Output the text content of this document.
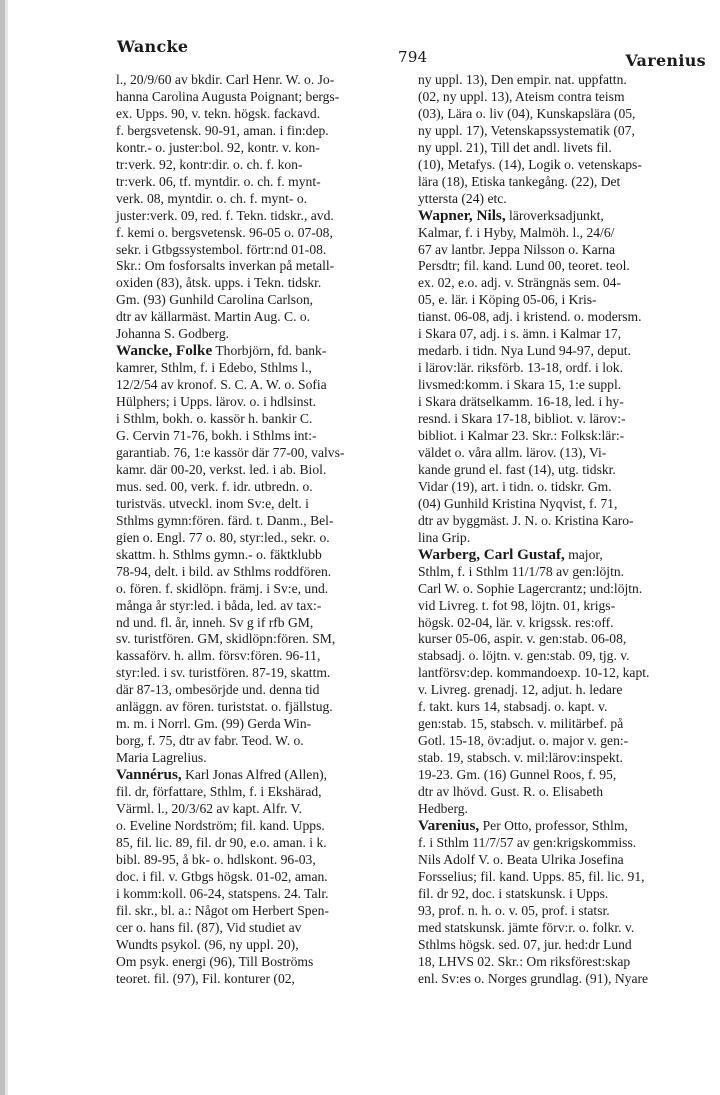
Wancke
794	Varenius
l., 20/9/60 av bkdir. Carl Henr. W. o. Jo-
hanna Carolina Augusta Poignant; bergs-
ex. Upps. 90, v. tekn. högsk. fackavd.
f. bergsvetensk. 90-91, aman. i fin:dep.
kontr.- o. juster:bol. 92, kontr. v. kon-
tr:verk. 92, kontr:dir. o. ch. f. kon-
tr:verk. 06, tf. myntdir. o. ch. f. mynt-
verk. 08, myntdir. o. ch. f. mynt- o.
juster:verk. 09, red. f. Tekn. tidskr., avd.
f. kemi o. bergsvetensk. 96-05 o. 07-08,
sekr. i Gtbgssystembol. förtr:nd 01-08.
Skr.: Om fosforsalts inverkan på metall-
oxiden (83), åtsk. upps. i Tekn. tidskr.
Gm. (93) Gunhild Carolina Carlson,
dtr av källarmäst. Martin Aug. C. o.
Johanna S. Godberg.
Wancke, Folke Thorbjörn, fd. bank-
kamrer, Sthlm, f. i Edebo, Sthlms l.,
12/2/54 av kronof. S. C. A. W. o. Sofia
Hülphers; i Upps. lärov. o. i hdlsinst.
i Sthlm, bokh. o. kassör h. bankir C.
G. Cervin 71-76, bokh. i Sthlms int:-
garantiab. 76, 1:e kassör där 77-00, valvs-
kamr. där 00-20, verkst. led. i ab. Biol.
mus. sed. 00, verk. f. idr. utbredn. o.
turistväs. utveckl. inom Sv:e, delt. i
Sthlms gymn:fören. färd. t. Danm., Bel-
gien o. Engl. 77 o. 80, styr:led., sekr. o.
skattm. h. Sthlms gymn.- o. fäktklubb
78-94, delt. i bild. av Sthlms roddfören.
o. fören. f. skidlöpn. främj. i Sv:e, und.
många år styr:led. i båda, led. av tax:-
nd und. fl. år, inneh. Sv g if rfb GM,
sv. turistfören. GM, skidlöpn:fören. SM,
kassaförv. h. allm. försv:fören. 96-11,
styr:led. i sv. turistfören. 87-19, skattm.
där 87-13, ombesörjde und. denna tid
anläggn. av fören. turiststat. o. fjällstug.
m. m. i Norrl. Gm. (99) Gerda Win-
borg, f. 75, dtr av fabr. Teod. W. o.
Maria Lagrelius.
Vannérus, Karl Jonas Alfred (Allen),
fil. dr, författare, Sthlm, f. i Ekshärad,
Värml. l., 20/3/62 av kapt. Alfr. V.
o. Eveline Nordström; fil. kand. Upps.
85, fil. lic. 89, fil. dr 90, e.o. aman. i k.
bibl. 89-95, å bk- o. hdlskont. 96-03,
doc. i fil. v. Gtbgs högsk. 01-02, aman.
i komm:koll. 06-24, statspens. 24. Talr.
fil. skr., bl. a.: Något om Herbert Spen-
cer o. hans fil. (87), Vid studiet av
Wundts psykol. (96, ny uppl. 20),
Om psyk. energi (96), Till Boströms
teoret. fil. (97), Fil. konturer (02,
ny uppl. 13), Den empir. nat. uppfattn.
(02, ny uppl. 13), Ateism contra teism
(03), Lära o. liv (04), Kunskapslära (05,
ny uppl. 17), Vetenskapssystematik (07,
ny uppl. 21), Till det andl. livets fil.
(10), Metafys. (14), Logik o. vetenskaps-
lära (18), Etiska tankegång. (22), Det
yttersta (24) etc.
Wapner, Nils, läroverksadjunkt,
Kalmar, f. i Hyby, Malmöh. l., 24/6/
67 av lantbr. Jeppa Nilsson o. Karna
Persdtr; fil. kand. Lund 00, teoret. teol.
ex. 02, e.o. adj. v. Strängnäs sem. 04-
05, e. lär. i Köping 05-06, i Kris-
tianst. 06-08, adj. i kristend. o. modersm.
i Skara 07, adj. i s. ämn. i Kalmar 17,
medarb. i tidn. Nya Lund 94-97, deput.
i lärov:lär. riksförb. 13-18, ordf. i lok.
livsmed:komm. i Skara 15, 1:e suppl.
i Skara drätselkamm. 16-18, led. i hy-
resnd. i Skara 17-18, bibliot. v. lärov:-
bibliot. i Kalmar 23. Skr.: Folksk:lär:-
väldet o. våra allm. lärov. (13), Vi-
kande grund el. fast (14), utg. tidskr.
Vidar (19), art. i tidn. o. tidskr. Gm.
(04) Gunhild Kristina Nyqvist, f. 71,
dtr av byggmäst. J. N. o. Kristina Karo-
lina Grip.
Warberg, Carl Gustaf, major,
Sthlm, f. i Sthlm 11/1/78 av gen:löjtn.
Carl W. o. Sophie Lagercrantz; und:löjtn.
vid Livreg. t. fot 98, löjtn. 01, krigs-
högsk. 02-04, lär. v. krigssk. res:off.
kurser 05-06, aspir. v. gen:stab. 06-08,
stabsadj. o. löjtn. v. gen:stab. 09, tjg. v.
lantförsv:dep. kommandoexp. 10-12, kapt.
v. Livreg. grenadj. 12, adjut. h. ledare
f. takt. kurs 14, stabsadj. o. kapt. v.
gen:stab. 15, stabsch. v. militärbef. på
Gotl. 15-18, öv:adjut. o. major v. gen:-
stab. 19, stabsch. v. mil:lärov:inspekt.
19-23. Gm. (16) Gunnel Roos, f. 95,
dtr av lhövd. Gust. R. o. Elisabeth
Hedberg.
Varenius, Per Otto, professor, Sthlm,
f. i Sthlm 11/7/57 av gen:krigskommiss.
Nils Adolf V. o. Beata Ulrika Josefina
Forsselius; fil. kand. Upps. 85, fil. lic. 91,
fil. dr 92, doc. i statskunsk. i Upps.
93, prof. n. h. o. v. 05, prof. i statsr.
med statskunsk. jämte förv:r. o. folkr. v.
Sthlms högsk. sed. 07, jur. hed:dr Lund
18, LHVS 02. Skr.: Om riksförest:skap
enl. Sv:es o. Norges grundlag. (91), Nyare
